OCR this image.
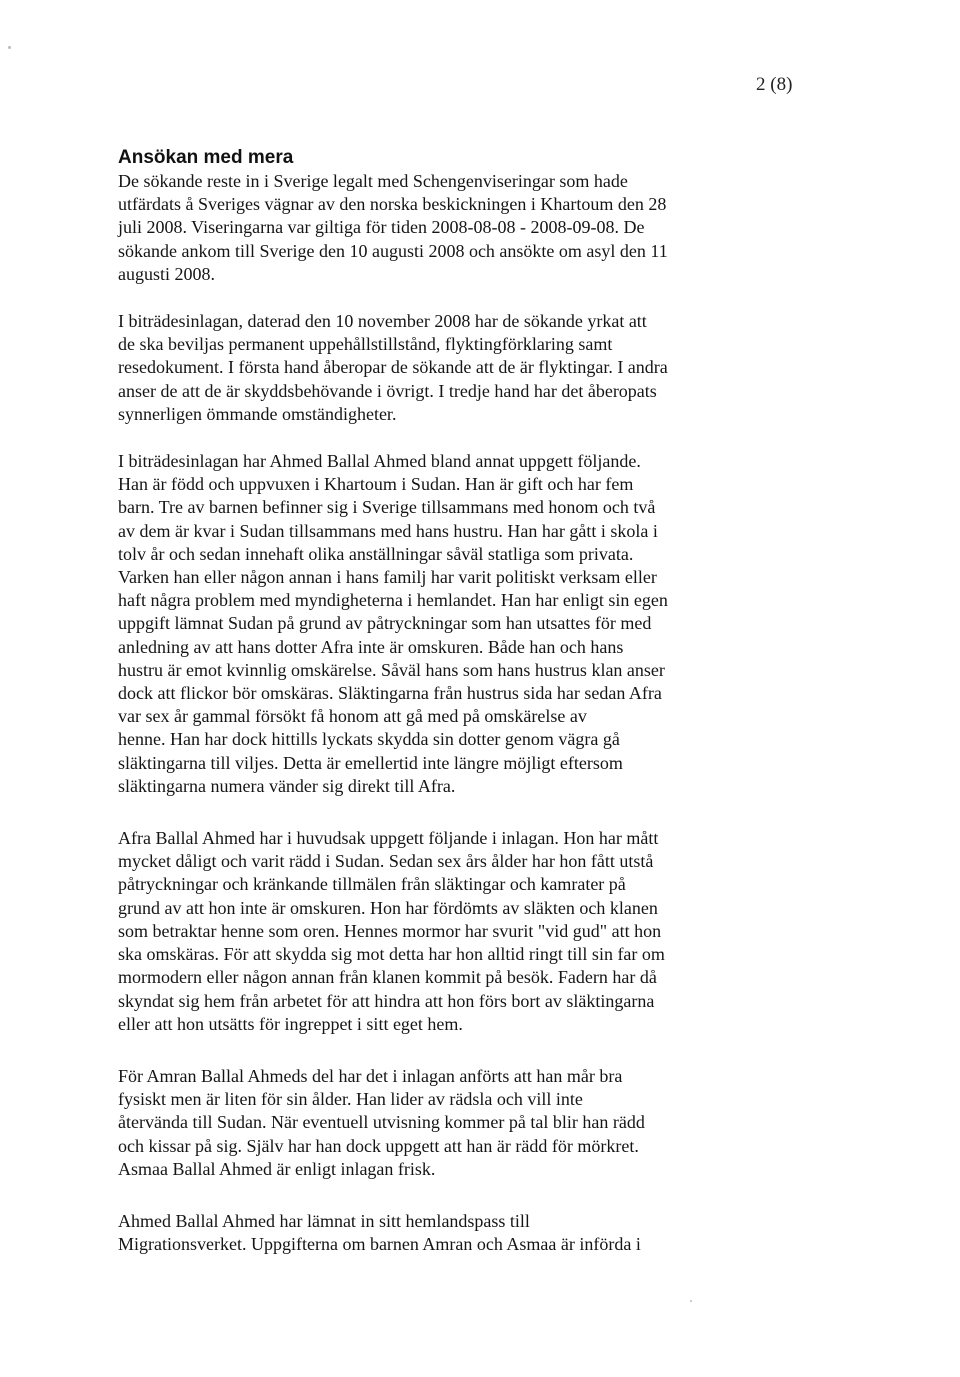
2 (8)
Ansökan med mera
De sökande reste in i Sverige legalt med Schengenviseringar som hade
utfärdats å Sveriges vägnar av den norska beskickningen i Khartoum den 28
juli 2008. Viseringarna var giltiga för tiden 2008-08-08 - 2008-09-08. De
sökande ankom till Sverige den 10 augusti 2008 och ansökte om asyl den 11
augusti 2008.
I biträdesinlagan, daterad den 10 november 2008 har de sökande yrkat att
de ska beviljas permanent uppehållstillstånd, flyktingförklaring samt
resedokument. I första hand åberopar de sökande att de är flyktingar. I andra
anser de att de är skyddsbehövande i övrigt. I tredje hand har det åberopats
synnerligen ömmande omständigheter.
I biträdesinlagan har Ahmed Ballal Ahmed bland annat uppgett följande.
Han är född och uppvuxen i Khartoum i Sudan. Han är gift och har fem
barn. Tre av barnen befinner sig i Sverige tillsammans med honom och två
av dem är kvar i Sudan tillsammans med hans hustru. Han har gått i skola i
tolv år och sedan innehaft olika anställningar såväl statliga som privata.
Varken han eller någon annan i hans familj har varit politiskt verksam eller
haft några problem med myndigheterna i hemlandet. Han har enligt sin egen
uppgift lämnat Sudan på grund av påtryckningar som han utsattes för med
anledning av att hans dotter Afra inte är omskuren. Både han och hans
hustru är emot kvinnlig omskärelse. Såväl hans som hans hustrus klan anser
dock att flickor bör omskäras. Släktingarna från hustrus sida har sedan Afra
var sex år gammal försökt få honom att gå med på omskärelse av
henne. Han har dock hittills lyckats skydda sin dotter genom vägra gå
släktingarna till viljes. Detta är emellertid inte längre möjligt eftersom
släktingarna numera vänder sig direkt till Afra.
Afra Ballal Ahmed har i huvudsak uppgett följande i inlagan. Hon har mått
mycket dåligt och varit rädd i Sudan. Sedan sex års ålder har hon fått utstå
påtryckningar och kränkande tillmälen från släktingar och kamrater på
grund av att hon inte är omskuren. Hon har fördömts av släkten och klanen
som betraktar henne som oren. Hennes mormor har svurit "vid gud" att hon
ska omskäras. För att skydda sig mot detta har hon alltid ringt till sin far om
mormodern eller någon annan från klanen kommit på besök. Fadern har då
skyndat sig hem från arbetet för att hindra att hon förs bort av släktingarna
eller att hon utsätts för ingreppet i sitt eget hem.
För Amran Ballal Ahmeds del har det i inlagan anförts att han mår bra
fysiskt men är liten för sin ålder. Han lider av rädsla och vill inte
återvända till Sudan. När eventuell utvisning kommer på tal blir han rädd
och kissar på sig. Själv har han dock uppgett att han är rädd för mörkret.
Asmaa Ballal Ahmed är enligt inlagan frisk.
Ahmed Ballal Ahmed har lämnat in sitt hemlandspass till
Migrationsverket. Uppgifterna om barnen Amran och Asmaa är införda i
